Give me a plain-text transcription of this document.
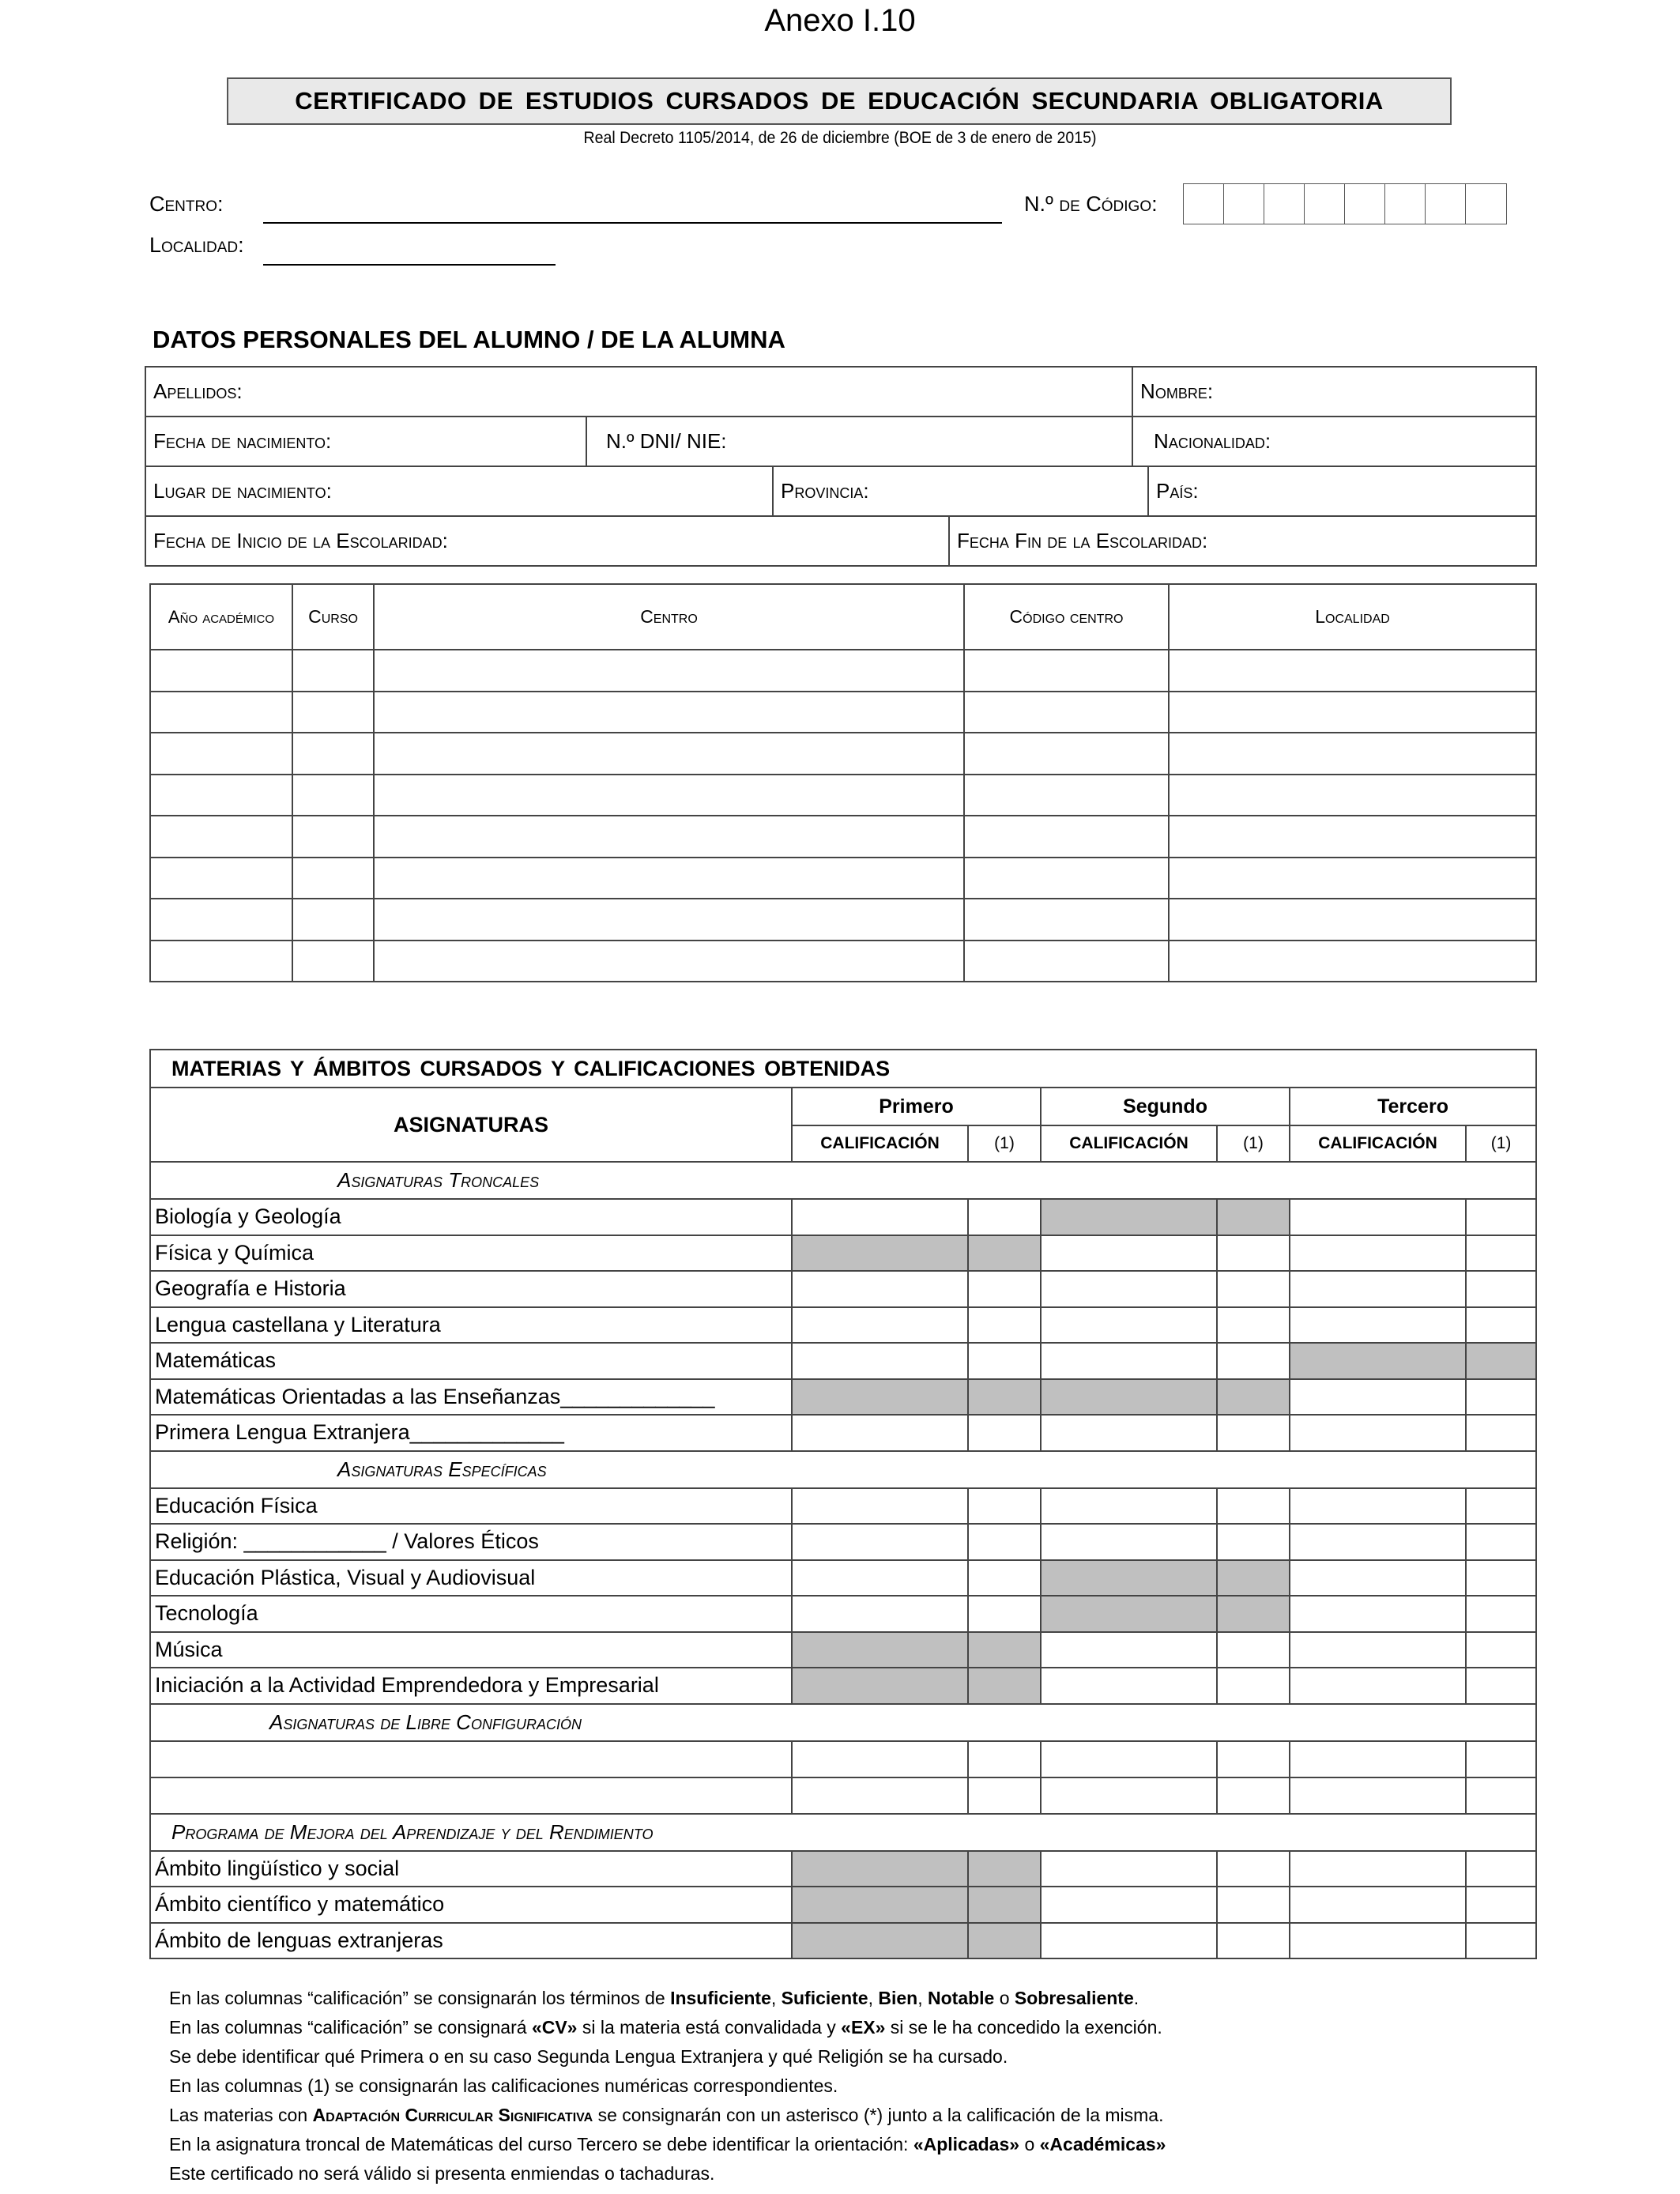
Anexo I.10
CERTIFICADO DE ESTUDIOS CURSADOS DE EDUCACIÓN SECUNDARIA OBLIGATORIA
Real Decreto 1105/2014, de 26 de diciembre (BOE de 3 de enero de 2015)
Centro:	N.º de Código:
Localidad:
DATOS PERSONALES DEL ALUMNO / DE LA ALUMNA
Apellidos:				Nombre:	
Fecha de nacimiento:	N.º DNI/ NIE:			Nacionalidad:	
Lugar de nacimiento:		Provincia:			País:
Fecha de Inicio de la Escolaridad:			Fecha Fin de la Escolaridad:		
Año académico	Curso	Centro	Código centro	Localidad

MATERIAS Y ÁMBITOS CURSADOS Y CALIFICACIONES OBTENIDAS						
ASIGNATURAS	Primero		Segundo		Tercero	
	CALIFICACIÓN	(1)	CALIFICACIÓN	(1)	CALIFICACIÓN	(1)
Asignaturas Troncales						
Biología y Geología						
Física y Química						
Geografía e Historia						
Lengua castellana y Literatura						
Matemáticas						
Matemáticas Orientadas a las Enseñanzas_____________						
Primera Lengua Extranjera_____________						
Asignaturas Específicas						
Educación Física						
Religión: ____________ / Valores Éticos						
Educación Plástica, Visual y Audiovisual						
Tecnología						
Música						
Iniciación a la Actividad Emprendedora y Empresarial						
Asignaturas de Libre Configuración						

Programa de Mejora del Aprendizaje y del Rendimiento						
Ámbito lingüístico y social						
Ámbito científico y matemático						
Ámbito de lenguas extranjeras						

En las columnas “calificación” se consignarán los términos de Insuficiente, Suficiente, Bien, Notable o Sobresaliente.

En las columnas “calificación” se consignará «CV» si la materia está convalidada y «EX» si se le ha concedido la exención.

Se debe identificar qué Primera o en su caso Segunda Lengua Extranjera y qué Religión se ha cursado.

En las columnas (1) se consignarán las calificaciones numéricas correspondientes.

Las materias con Adaptación Curricular Significativa se consignarán con un asterisco (*) junto a la calificación de la misma.

En la asignatura troncal de Matemáticas del curso Tercero se debe identificar la orientación: «Aplicadas» o «Académicas»

Este certificado no será válido si presenta enmiendas o tachaduras.
